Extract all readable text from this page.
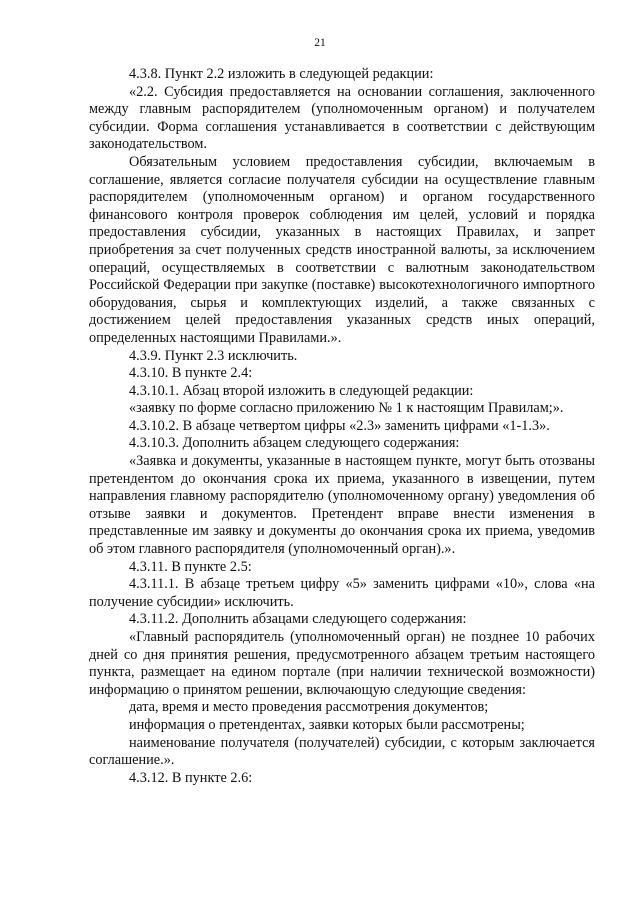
21

4.3.8. Пункт 2.2 изложить в следующей редакции:

«2.2. Субсидия предоставляется на основании соглашения, заключенного между главным распорядителем (уполномоченным органом) и получателем субсидии. Форма соглашения устанавливается в соответствии с действующим законодательством.

Обязательным условием предоставления субсидии, включаемым в соглашение, является согласие получателя субсидии на осуществление главным распорядителем (уполномоченным органом) и органом государственного финансового контроля проверок соблюдения им целей, условий и порядка предоставления субсидии, указанных в настоящих Правилах, и запрет приобретения за счет полученных средств иностранной валюты, за исключением операций, осуществляемых в соответствии с валютным законодательством Российской Федерации при закупке (поставке) высокотехнологичного импортного оборудования, сырья и комплектующих изделий, а также связанных с достижением целей предоставления указанных средств иных операций, определенных настоящими Правилами.».

4.3.9. Пункт 2.3 исключить.

4.3.10. В пункте 2.4:

4.3.10.1. Абзац второй изложить в следующей редакции:

«заявку по форме согласно приложению № 1 к настоящим Правилам;».

4.3.10.2. В абзаце четвертом цифры «2.3» заменить цифрами «1-1.3».

4.3.10.3. Дополнить абзацем следующего содержания:

«Заявка и документы, указанные в настоящем пункте, могут быть отозваны претендентом до окончания срока их приема, указанного в извещении, путем направления главному распорядителю (уполномоченному органу) уведомления об отзыве заявки и документов. Претендент вправе внести изменения в представленные им заявку и документы до окончания срока их приема, уведомив об этом главного распорядителя (уполномоченный орган).».

4.3.11. В пункте 2.5:

4.3.11.1. В абзаце третьем цифру «5» заменить цифрами «10», слова «на получение субсидии» исключить.

4.3.11.2. Дополнить абзацами следующего содержания:

«Главный распорядитель (уполномоченный орган) не позднее 10 рабочих дней со дня принятия решения, предусмотренного абзацем третьим настоящего пункта, размещает на едином портале (при наличии технической возможности) информацию о принятом решении, включающую следующие сведения:

дата, время и место проведения рассмотрения документов;

информация о претендентах, заявки которых были рассмотрены;

наименование получателя (получателей) субсидии, с которым заключается соглашение.».

4.3.12. В пункте 2.6:
